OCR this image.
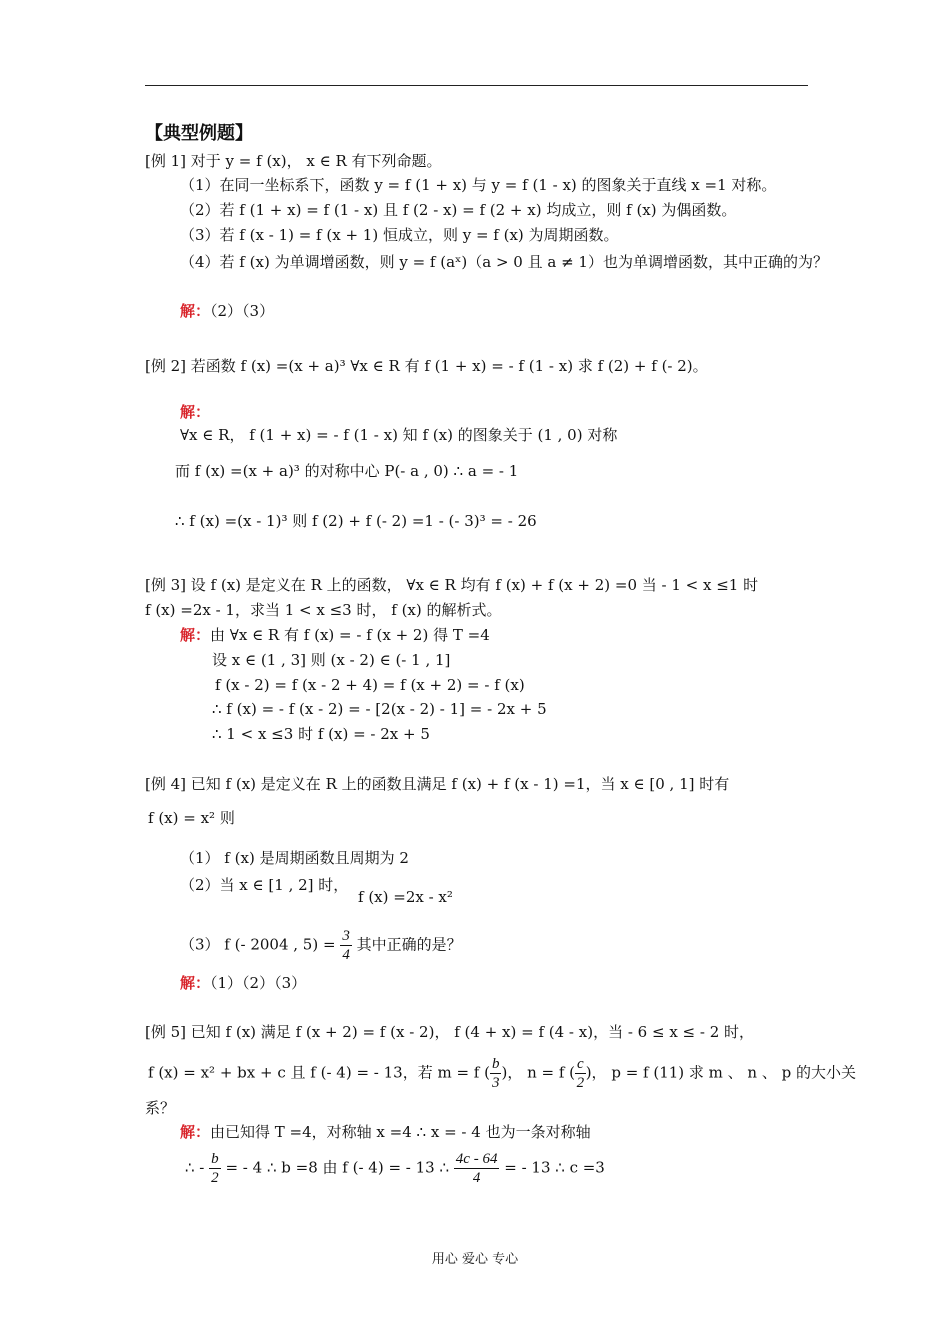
【典型例题】
[例 1] 对于 y = f (x)， x ∈ R 有下列命题。
（1）在同一坐标系下，函数 y = f (1 + x) 与 y = f (1 - x) 的图象关于直线 x =1 对称。
（2）若 f (1 + x) = f (1 - x) 且 f (2 - x) = f (2 + x) 均成立，则 f (x) 为偶函数。
（3）若 f (x - 1) = f (x + 1) 恒成立，则 y = f (x) 为周期函数。
（4）若 f (x) 为单调增函数，则 y = f (aˣ)（a > 0 且 a ≠ 1）也为单调增函数，其中正确的为？
解：（2）（3）
[例 2] 若函数 f (x) =(x + a)³ ∀x ∈ R 有 f (1 + x) = - f (1 - x) 求 f (2) + f (- 2)。
解：
∀x ∈ R， f (1 + x) = - f (1 - x) 知 f (x) 的图象关于 (1 , 0) 对称
而 f (x) =(x + a)³ 的对称中心 P(- a , 0) ∴ a = - 1
∴ f (x) =(x - 1)³ 则 f (2) + f (- 2) =1 - (- 3)³ = - 26
[例 3] 设 f (x) 是定义在 R 上的函数， ∀x ∈ R 均有 f (x) + f (x + 2) =0 当 - 1 < x ≤1 时
f (x) =2x - 1，求当 1 < x ≤3 时， f (x) 的解析式。
解：由 ∀x ∈ R 有 f (x) = - f (x + 2) 得 T =4
设 x ∈ (1 , 3] 则 (x - 2) ∈ (- 1 , 1]
f (x - 2) = f (x - 2 + 4) = f (x + 2) = - f (x)
∴ f (x) = - f (x - 2) = - [2(x - 2) - 1] = - 2x + 5
∴ 1 < x ≤3 时 f (x) = - 2x + 5
[例 4] 已知 f (x) 是定义在 R 上的函数且满足 f (x) + f (x - 1) =1，当 x ∈ [0 , 1] 时有
f (x) = x² 则
（1） f (x) 是周期函数且周期为 2
（2）当 x ∈ [1 , 2] 时，
f (x) =2x - x²
（3） f (- 2004 , $5) = \frac{3}{4}$ 其中正确的是？
解：（1）（2）（3）
[例 5] 已知 f (x) 满足 f (x + 2) = f (x - 2)， f (4 + x) = f (4 - x)，当 - 6 ≤ x ≤ - 2 时，
f (x) = x² + bx + c 且 f (- 4) = - 13，若 m = f ( $\frac{b}{3}$ )， n = f ( $\frac{c}{2}$ )， p = f (11) 求 m 、 n 、 p 的大小关
系？
解：由已知得 T =4，对称轴 x =4 ∴ x = - 4 也为一条对称轴
∴ - $\frac{b}{2}$ = - 4 ∴ b =8 由 f (- 4) = - 13 ∴ $\frac{4c - 64}{4}$ = - 13 ∴ c =3
用心 爱心 专心
